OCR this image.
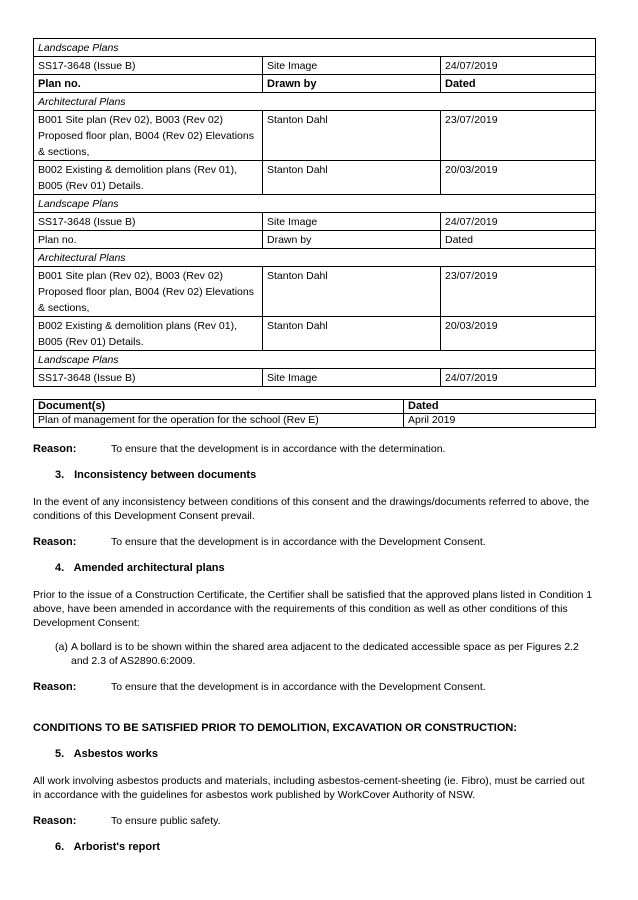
Landscape Plans		
SS17-3648 (Issue B)	Site Image	24/07/2019
Plan no.	Drawn by	Dated
Architectural Plans		
B001 Site plan (Rev 02), B003 (Rev 02) Proposed floor plan, B004 (Rev 02) Elevations & sections,	Stanton Dahl	23/07/2019
B002 Existing & demolition plans (Rev 01), B005 (Rev 01) Details.	Stanton Dahl	20/03/2019
Landscape Plans		
SS17-3648 (Issue B)	Site Image	24/07/2019
Plan no.	Drawn by	Dated
Architectural Plans		
B001 Site plan (Rev 02), B003 (Rev 02) Proposed floor plan, B004 (Rev 02) Elevations & sections,	Stanton Dahl	23/07/2019
B002 Existing & demolition plans (Rev 01), B005 (Rev 01) Details.	Stanton Dahl	20/03/2019
Landscape Plans		
SS17-3648 (Issue B)	Site Image	24/07/2019
Document(s)	Dated
Plan of management for the operation for the school (Rev E)	April 2019
Reason:	To ensure that the development is in accordance with the determination.
3. Inconsistency between documents
In the event of any inconsistency between conditions of this consent and the drawings/documents referred to above, the conditions of this Development Consent prevail.
Reason:	To ensure that the development is in accordance with the Development Consent.
4. Amended architectural plans
Prior to the issue of a Construction Certificate, the Certifier shall be satisfied that the approved plans listed in Condition 1 above, have been amended in accordance with the requirements of this condition as well as other conditions of this Development Consent:
(a) A bollard is to be shown within the shared area adjacent to the dedicated accessible space as per Figures 2.2 and 2.3 of AS2890.6:2009.
Reason:	To ensure that the development is in accordance with the Development Consent.
CONDITIONS TO BE SATISFIED PRIOR TO DEMOLITION, EXCAVATION OR CONSTRUCTION:
5. Asbestos works
All work involving asbestos products and materials, including asbestos-cement-sheeting (ie. Fibro), must be carried out in accordance with the guidelines for asbestos work published by WorkCover Authority of NSW.
Reason:	To ensure public safety.
6. Arborist's report
